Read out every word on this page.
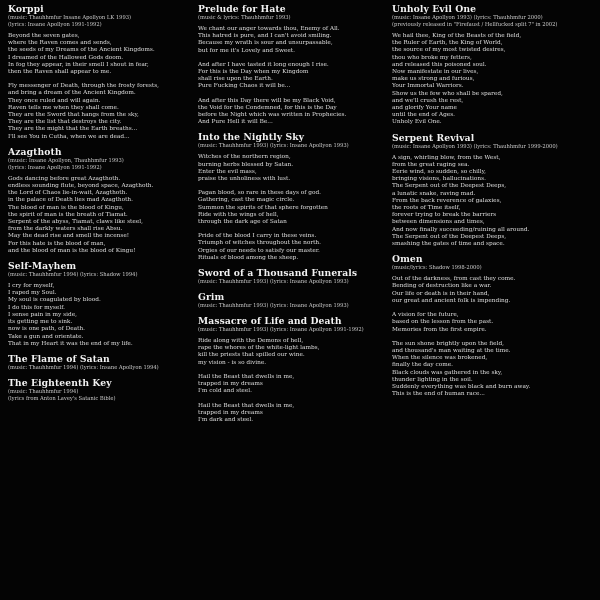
Korppi
(music: Thauhhmfur Insane Apollyon LK 1993)
(lyrics: Insane Apollyon 1991-1992)
Beyond the seven gates,
where the Raven comes and sends,
the seeds of my Dreams of the Ancient Kingdoms.
I dreamed of the Hallowed Gods doom.
In fog they appear, in their smell I shout in fear,
then the Raven shall appear to me.
Fly messenger of Death, through the frosty forests,
and bring a dream of the Ancient Kingdom.
They once ruled and will again.
Raven tells me when they shall come.
They are the Sword that hangs from the sky,
They are the list that destroys the city.
They are the might that the Earth breaths...
I'll see You in Cutha, when we are dead...
Azagthoth
(music: Insane Apollyon, Thauhhmfur 1993)
(lyrics: Insane Apollyon 1991-1992)
Gods dancing before great Azagthoth.
endless sounding flute, beyond space, Azagthoth.
the Lord of Chaos lie-in-wait, Azagthoth.
in the palace of Death lies mad Azagthoth.
The blood of man is the blood of Kingu,
the spirit of man is the breath of Tiamat.
Serpent of the abyss, Tiamat, claws like steel,
from the darkly waters shall rise Absu.
May the dead rise and smell the incense!
For this hate is the blood of man,
and the blood of man is the blood of Kingu!
Self-Mayhem
(music: Thauhhmfur 1994) (lyrics: Shadow 1994)
I cry for myself,
I raped my Soul.
My soul is coagulated by blood.
I do this for myself.
I sense pain in my side,
its getting me to sink.
now is one path, of Death.
Take a gun and orientate.
That in my Heart it was the end of my life.
The Flame of Satan
(music: Thauhhmfur 1994) (lyrics: Insane Apollyon 1994)
The Eighteenth Key
(music: Thauhhmfur 1994)
(lyrics from Anton Lavey's Satanic Bible)
Prelude for Hate
(music & lyrics: Thauhhmfur 1993)
We chant our anger towards thou, Enemy of All.
This hatred is pure, and I can't avoid smiling.
Because my wrath is sour and unsurpassable,
but for me it's Lovely and Sweet.
And after I have tasted it long enough I rise.
For this is the Day when my Kingdom
shall rise upon the Earth.
Pure Fucking Chaos it will be...
And after this Day there will be my Black Void,
the Void for the Condemned, for this is the Day
before the Night which was written in Prophecies.
And Pure Hell it will Be...
Into the Nightly Sky
(music: Thauhhmfur 1993) (lyrics: Insane Apollyon 1993)
Witches of the northern region,
burning herbs blessed by Satan.
Enter the evil mass,
praise the unholiness with lust.
Pagan blood, so rare in these days of god.
Gathering, cast the magic circle.
Summon the spirits of that sphere forgotten
Ride with the wings of hell,
through the dark age of Satan
Pride of the blood I carry in these veins.
Triumph of witches throughout the north.
Orgies of our needs to satisfy our master.
Rituals of blood among the sheep.
Sword of a Thousand Funerals
(music: Thauhhmfur 1993) (lyrics: Insane Apollyon 1993)
Grim
(music: Thauhhmfur 1993) (lyrics: Insane Apollyon 1993)
Massacre of Life and Death
(music: Thauhhmfur 1993) (lyrics: Insane Apollyon 1991-1992)
Ride along with the Demons of hell,
rape the whores of the white-light lambs,
kill the priests that spilled our wine.
my vision - is so divine.
Hail the Beast that dwells in me,
trapped in my dreams
I'm cold and steel.
Hail the Beast that dwells in me,
trapped in my dreams
I'm dark and steel.
Unholy Evil One
(music: Insane Apollyon 1993) (lyrics: Thauhhmfur 2000)
(previously released in "Firefaust / Hellfucked split 7" in 2002)
We hail thee, King of the Beasts of the field,
the Ruler of Earth, the King of World,
the source of my most twisted desires,
thou who broke my fetters,
and released this poisoned soul.
Now manifestate in our lives,
make us strong and furious,
Your Immortal Warriors.
Show us the few who shall be spared,
and we'll crush the rest,
and glorify Your name
until the end of Ages.
Unholy Evil One.
Serpent Revival
(music: Insane Apollyon 1993) (lyrics: Thauhhmfur 1999-2000)
A sign, whirling blow, from the West,
from the great raging sea.
Eerie wind, so sudden, so chilly,
bringing visions, hallucinations.
The Serpent out of the Deepest Deeps,
a lunatic snake, raving mad.
From the back reverence of galaxies,
the roots of Time itself,
forever trying to break the barriers
between dimensions and times,
And now finally succeeding/ruining all around.
The Serpent out of the Deepest Deeps,
smashing the gates of time and space.
Omen
(music/lyrics: Shadow 1998-2000)
Out of the darkness, from cast they come.
Bending of destruction like a war.
Our life or death is in their hand,
our great and ancient folk is impending.
A vision for the future,
based on the lesson from the past.
Memories from the first empire.
The sun shone brightly upon the field,
and thousand's man waiting at the time.
When the silence was brokened,
finally the day come.
Black clouds was gathered in the sky,
thunder lighting in the soil.
Suddenly everything was black and burn away.
This is the end of human race...
